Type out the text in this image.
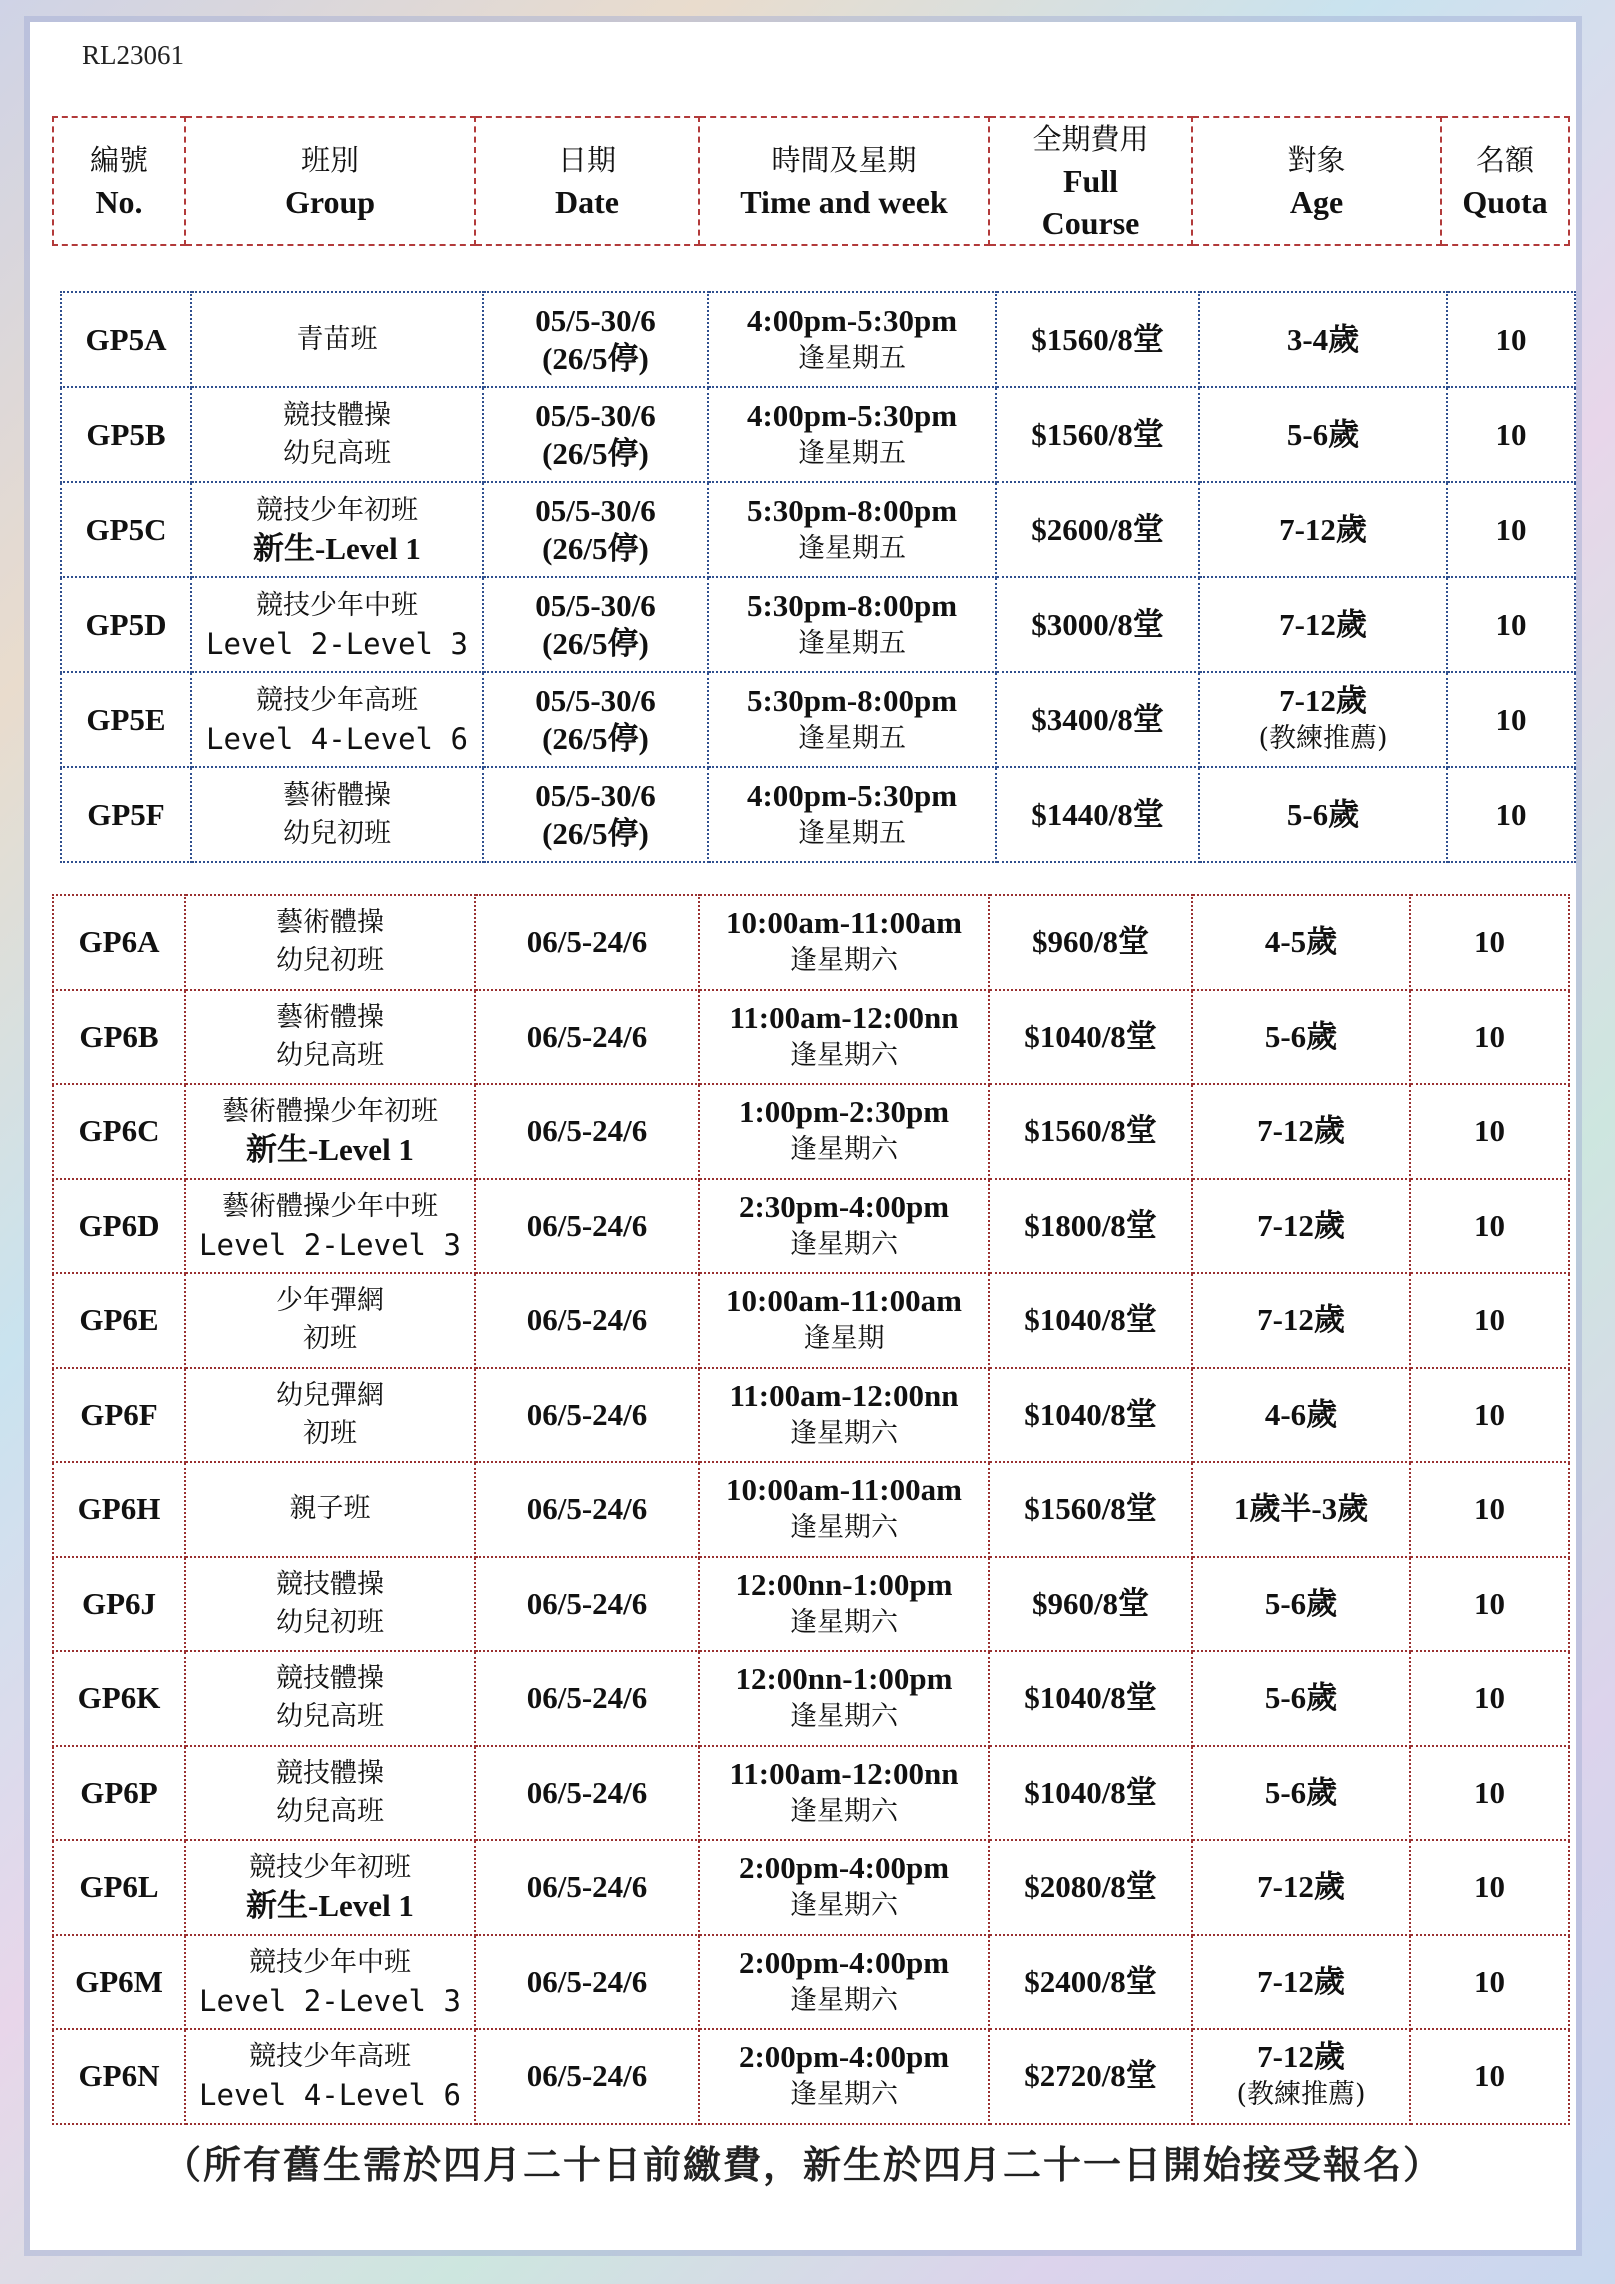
RL23061
編號
No.

班別
Group

日期
Date

時間及星期
Time and week

全期費用
Full
Course

對象
Age

名額
Quota
GP5A	青苗班	05/5-30/6
(26/5停)	4:00pm-5:30pm
逢星期五	$1560/8堂	3-4歲	10

GP5B	競技體操
幼兒高班	05/5-30/6
(26/5停)	4:00pm-5:30pm
逢星期五	$1560/8堂	5-6歲	10

GP5C	競技少年初班
新生-Level 1	05/5-30/6
(26/5停)	5:30pm-8:00pm
逢星期五	$2600/8堂	7-12歲	10

GP5D	競技少年中班
Level 2-Level 3	05/5-30/6
(26/5停)	5:30pm-8:00pm
逢星期五	$3000/8堂	7-12歲	10

GP5E	競技少年高班
Level 4-Level 6	05/5-30/6
(26/5停)	5:30pm-8:00pm
逢星期五	$3400/8堂	7-12歲
(教練推薦)	10

GP5F	藝術體操
幼兒初班	05/5-30/6
(26/5停)	4:00pm-5:30pm
逢星期五	$1440/8堂	5-6歲	10
GP6A	藝術體操
幼兒初班	06/5-24/6	10:00am-11:00am
逢星期六	$960/8堂	4-5歲	10

GP6B	藝術體操
幼兒高班	06/5-24/6	11:00am-12:00nn
逢星期六	$1040/8堂	5-6歲	10

GP6C	藝術體操少年初班
新生-Level 1	06/5-24/6	1:00pm-2:30pm
逢星期六	$1560/8堂	7-12歲	10

GP6D	藝術體操少年中班
Level 2-Level 3	06/5-24/6	2:30pm-4:00pm
逢星期六	$1800/8堂	7-12歲	10

GP6E	少年彈網
初班	06/5-24/6	10:00am-11:00am
逢星期	$1040/8堂	7-12歲	10

GP6F	幼兒彈網
初班	06/5-24/6	11:00am-12:00nn
逢星期六	$1040/8堂	4-6歲	10

GP6H	親子班	06/5-24/6	10:00am-11:00am
逢星期六	$1560/8堂	1歲半-3歲	10

GP6J	競技體操
幼兒初班	06/5-24/6	12:00nn-1:00pm
逢星期六	$960/8堂	5-6歲	10

GP6K	競技體操
幼兒高班	06/5-24/6	12:00nn-1:00pm
逢星期六	$1040/8堂	5-6歲	10

GP6P	競技體操
幼兒高班	06/5-24/6	11:00am-12:00nn
逢星期六	$1040/8堂	5-6歲	10

GP6L	競技少年初班
新生-Level 1	06/5-24/6	2:00pm-4:00pm
逢星期六	$2080/8堂	7-12歲	10

GP6M	競技少年中班
Level 2-Level 3	06/5-24/6	2:00pm-4:00pm
逢星期六	$2400/8堂	7-12歲	10

GP6N	競技少年高班
Level 4-Level 6	06/5-24/6	2:00pm-4:00pm
逢星期六	$2720/8堂	7-12歲
(教練推薦)	10
（所有舊生需於四月二十日前繳費，新生於四月二十一日開始接受報名）
